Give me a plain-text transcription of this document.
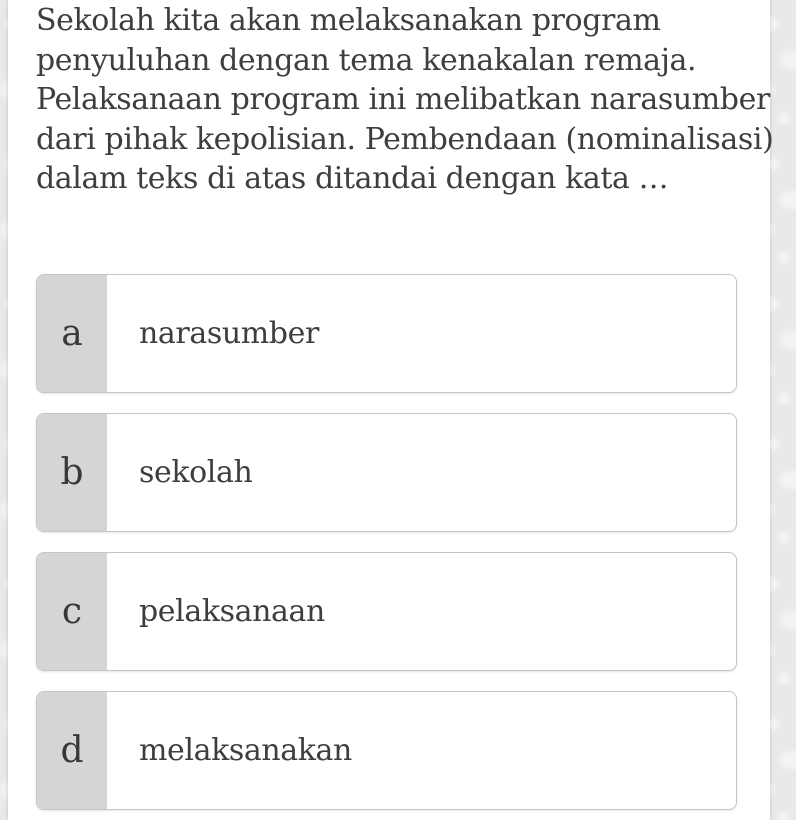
Sekolah kita akan melaksanakan program
penyuluhan dengan tema kenakalan remaja.
Pelaksanaan program ini melibatkan narasumber
dari pihak kepolisian. Pembendaan (nominalisasi)
dalam teks di atas ditandai dengan kata …
a	narasumber
b	sekolah
c	pelaksanaan
d	melaksanakan
